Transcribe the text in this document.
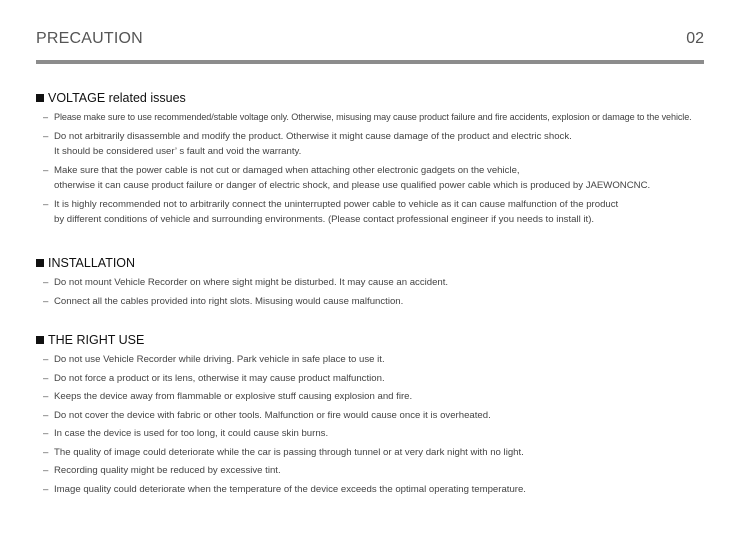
PRECAUTION	02
VOLTAGE related issues
– Please make sure to use recommended/stable voltage only. Otherwise, misusing may cause product failure and fire accidents, explosion or damage to the vehicle.
– Do not arbitrarily disassemble and modify the product. Otherwise it might cause damage of the product and electric shock.
It should be considered user’ s fault and void the warranty.
– Make sure that the power cable is not cut or damaged when attaching other electronic gadgets on the vehicle,
otherwise it can cause product failure or danger of electric shock, and please use qualified power cable which is produced by JAEWONCNC.
– It is highly recommended not to arbitrarily connect the uninterrupted power cable to vehicle as it can cause malfunction of the product
by different conditions of vehicle and surrounding environments. (Please contact professional engineer if you needs to install it).
INSTALLATION
– Do not mount Vehicle Recorder on where sight might be disturbed. It may cause an accident.
– Connect all the cables provided into right slots. Misusing would cause malfunction.
THE RIGHT USE
– Do not use Vehicle Recorder while driving. Park vehicle in safe place to use it.
– Do not force a product or its lens, otherwise it may cause product malfunction.
– Keeps the device away from flammable or explosive stuff causing explosion and fire.
– Do not cover the device with fabric or other tools. Malfunction or fire would cause once it is overheated.
– In case the device is used for too long, it could cause skin burns.
– The quality of image could deteriorate while the car is passing through tunnel or at very dark night with no light.
– Recording quality might be reduced by excessive tint.
– Image quality could deteriorate when the temperature of the device exceeds the optimal operating temperature.
